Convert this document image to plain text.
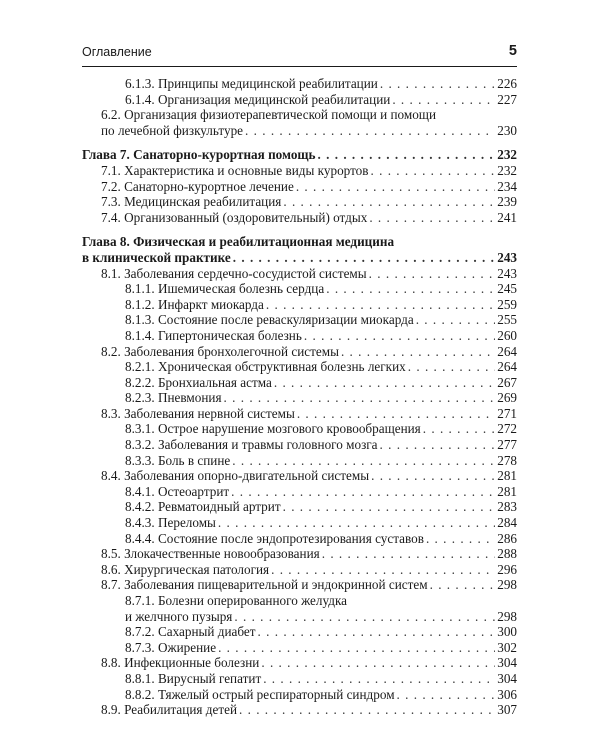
Оглавление	5
6.1.3. Принципы медицинской реабилитации . . .	226
6.1.4. Организация медицинской реабилитации . . .	227
6.2. Организация физиотерапевтической помощи и помощи
по лечебной физкультуре . . .	230
Глава 7. Санаторно-курортная помощь . . .	232
7.1. Характеристика и основные виды курортов . . .	232
7.2. Санаторно-курортное лечение . . .	234
7.3. Медицинская реабилитация . . .	239
7.4. Организованный (оздоровительный) отдых . . .	241
Глава 8. Физическая и реабилитационная медицина
в клинической практике . . .	243
8.1. Заболевания сердечно-сосудистой системы . . .	243
8.1.1. Ишемическая болезнь сердца . . .	245
8.1.2. Инфаркт миокарда . . .	259
8.1.3. Состояние после реваскуляризации миокарда . . .	255
8.1.4. Гипертоническая болезнь . . .	260
8.2. Заболевания бронхолегочной системы . . .	264
8.2.1. Хроническая обструктивная болезнь легких . . .	264
8.2.2. Бронхиальная астма . . .	267
8.2.3. Пневмония . . .	269
8.3. Заболевания нервной системы . . .	271
8.3.1. Острое нарушение мозгового кровообращения . . .	272
8.3.2. Заболевания и травмы головного мозга . . .	277
8.3.3. Боль в спине . . .	278
8.4. Заболевания опорно-двигательной системы . . .	281
8.4.1. Остеоартрит . . .	281
8.4.2. Ревматоидный артрит . . .	283
8.4.3. Переломы . . .	284
8.4.4. Состояние после эндопротезирования суставов . . .	286
8.5. Злокачественные новообразования . . .	288
8.6. Хирургическая патология . . .	296
8.7. Заболевания пищеварительной и эндокринной систем . . .	298
8.7.1. Болезни оперированного желудка
и желчного пузыря . . .	298
8.7.2. Сахарный диабет . . .	300
8.7.3. Ожирение . . .	302
8.8. Инфекционные болезни . . .	304
8.8.1. Вирусный гепатит . . .	304
8.8.2. Тяжелый острый респираторный синдром . . .	306
8.9. Реабилитация детей . . .	307
